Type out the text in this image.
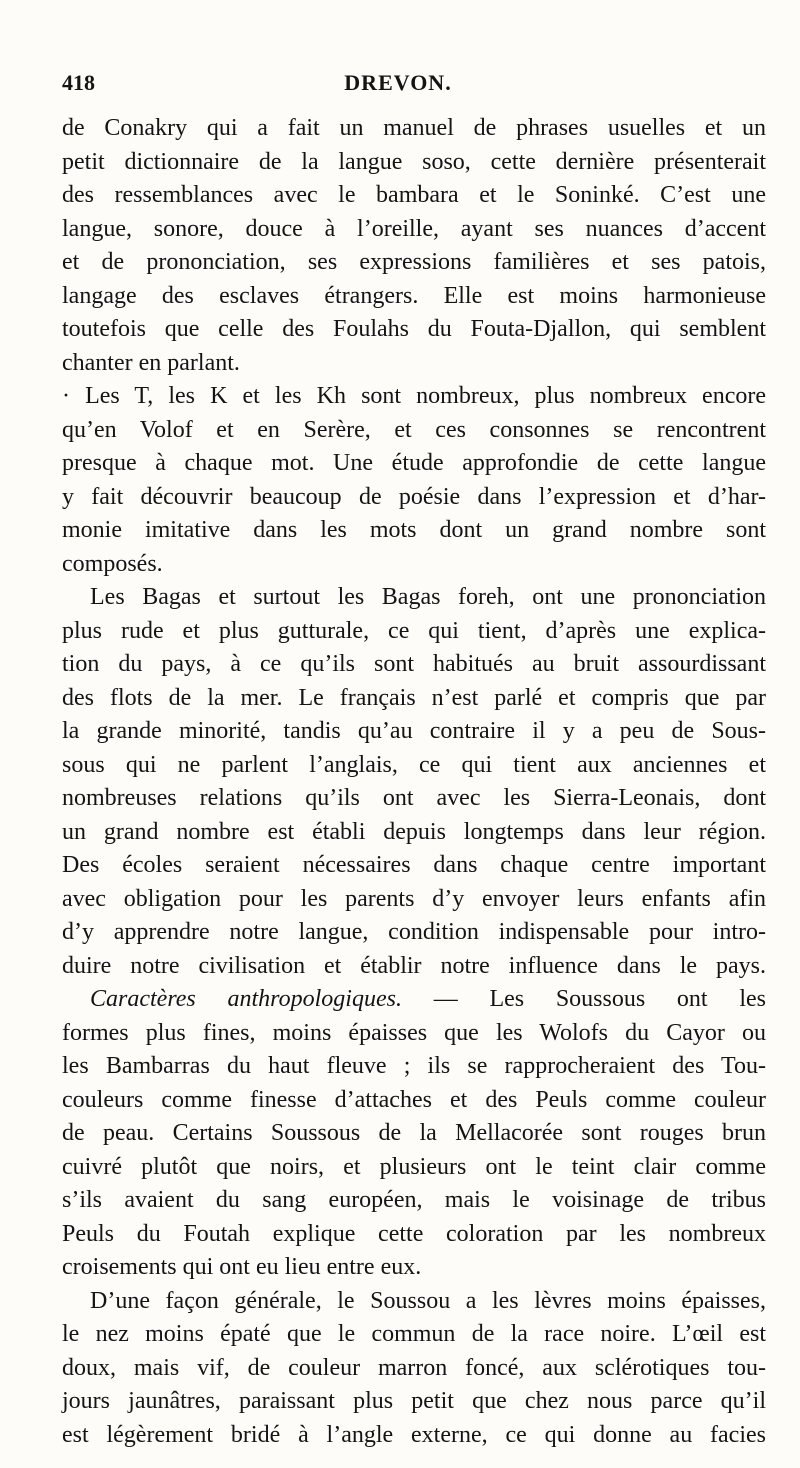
418	DREVON.
de Conakry qui a fait un manuel de phrases usuelles et un
petit dictionnaire de la langue soso, cette dernière présenterait
des ressemblances avec le bambara et le Soninké. C’est une
langue, sonore, douce à l’oreille, ayant ses nuances d’accent
et de prononciation, ses expressions familières et ses patois,
langage des esclaves étrangers. Elle est moins harmonieuse
toutefois que celle des Foulahs du Fouta-Djallon, qui semblent
chanter en parlant.
· Les T, les K et les Kh sont nombreux, plus nombreux encore
qu’en Volof et en Serère, et ces consonnes se rencontrent
presque à chaque mot. Une étude approfondie de cette langue
y fait découvrir beaucoup de poésie dans l’expression et d’har-
monie imitative dans les mots dont un grand nombre sont
composés.
Les Bagas et surtout les Bagas foreh, ont une prononciation
plus rude et plus gutturale, ce qui tient, d’après une explica-
tion du pays, à ce qu’ils sont habitués au bruit assourdissant
des flots de la mer. Le français n’est parlé et compris que par
la grande minorité, tandis qu’au contraire il y a peu de Sous-
sous qui ne parlent l’anglais, ce qui tient aux anciennes et
nombreuses relations qu’ils ont avec les Sierra-Leonais, dont
un grand nombre est établi depuis longtemps dans leur région.
Des écoles seraient nécessaires dans chaque centre important
avec obligation pour les parents d’y envoyer leurs enfants afin
d’y apprendre notre langue, condition indispensable pour intro-
duire notre civilisation et établir notre influence dans le pays.
Caractères anthropologiques. — Les Soussous ont les
formes plus fines, moins épaisses que les Wolofs du Cayor ou
les Bambarras du haut fleuve ; ils se rapprocheraient des Tou-
couleurs comme finesse d’attaches et des Peuls comme couleur
de peau. Certains Soussous de la Mellacorée sont rouges brun
cuivré plutôt que noirs, et plusieurs ont le teint clair comme
s’ils avaient du sang européen, mais le voisinage de tribus
Peuls du Foutah explique cette coloration par les nombreux
croisements qui ont eu lieu entre eux.
D’une façon générale, le Soussou a les lèvres moins épaisses,
le nez moins épaté que le commun de la race noire. L’œil est
doux, mais vif, de couleur marron foncé, aux sclérotiques tou-
jours jaunâtres, paraissant plus petit que chez nous parce qu’il
est légèrement bridé à l’angle externe, ce qui donne au facies
